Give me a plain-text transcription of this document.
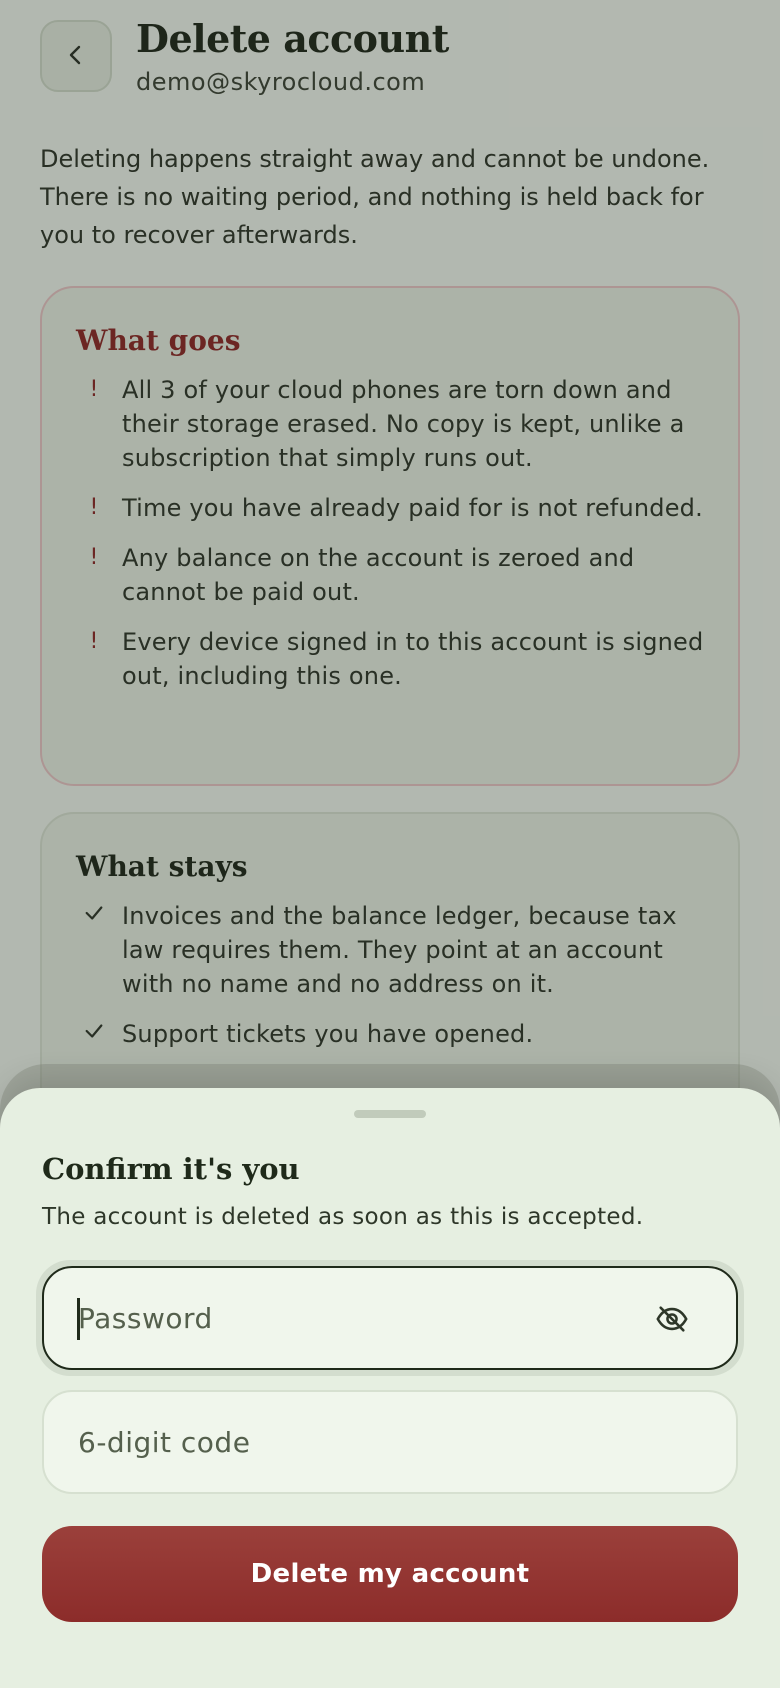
Delete account
demo@skyrocloud.com

Deleting happens straight away and cannot be undone. There is no waiting period, and nothing is held back for you to recover afterwards.

What goes
! All 3 of your cloud phones are torn down and their storage erased. No copy is kept, unlike a subscription that simply runs out.
! Time you have already paid for is not refunded.
! Any balance on the account is zeroed and cannot be paid out.
! Every device signed in to this account is signed out, including this one.
What stays
Invoices and the balance ledger, because tax law requires them. They point at an account with no name and no address on it.
Support tickets you have opened.
Confirm it's you

The account is deleted as soon as this is accepted.

6-digit code
Delete my account
